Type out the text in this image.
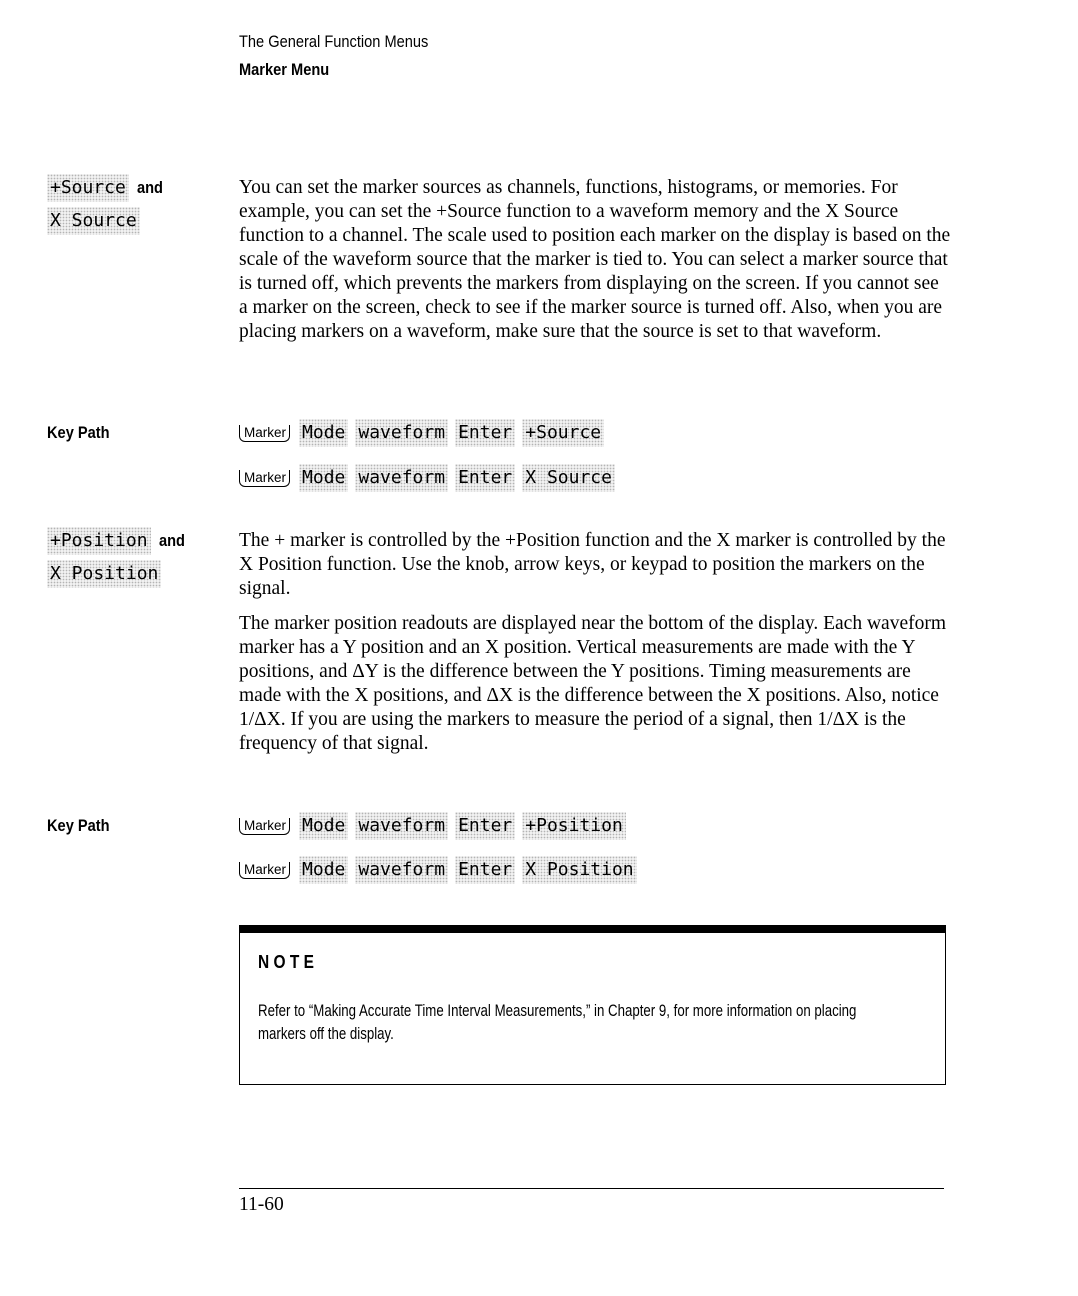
The General Function Menus
Marker Menu
+Source and
X Source

You can set the marker sources as channels, functions, histograms, or memories. For example, you can set the +Source function to a waveform memory and the X Source function to a channel. The scale used to position each marker on the display is based on the scale of the waveform source that the marker is tied to. You can select a marker source that is turned off, which prevents the markers from displaying on the screen. If you cannot see a marker on the screen, check to see if the marker source is turned off. Also, when you are placing markers on a waveform, make sure that the source is set to that waveform.

Key Path	Marker Mode waveform Enter +Source
Marker Mode waveform Enter X Source
+Position and
X Position

The + marker is controlled by the +Position function and the X marker is controlled by the X Position function. Use the knob, arrow keys, or keypad to position the markers on the signal.

The marker position readouts are displayed near the bottom of the display. Each waveform marker has a Y position and an X position. Vertical measurements are made with the Y positions, and ΔY is the difference between the Y positions. Timing measurements are made with the X positions, and ΔX is the difference between the X positions. Also, notice 1/ΔX. If you are using the markers to measure the period of a signal, then 1/ΔX is the frequency of that signal.

Key Path	Marker Mode waveform Enter +Position
Marker Mode waveform Enter X Position
NOTE

Refer to “Making Accurate Time Interval Measurements,” in Chapter 9, for more information on placing

markers off the display.

11-60
